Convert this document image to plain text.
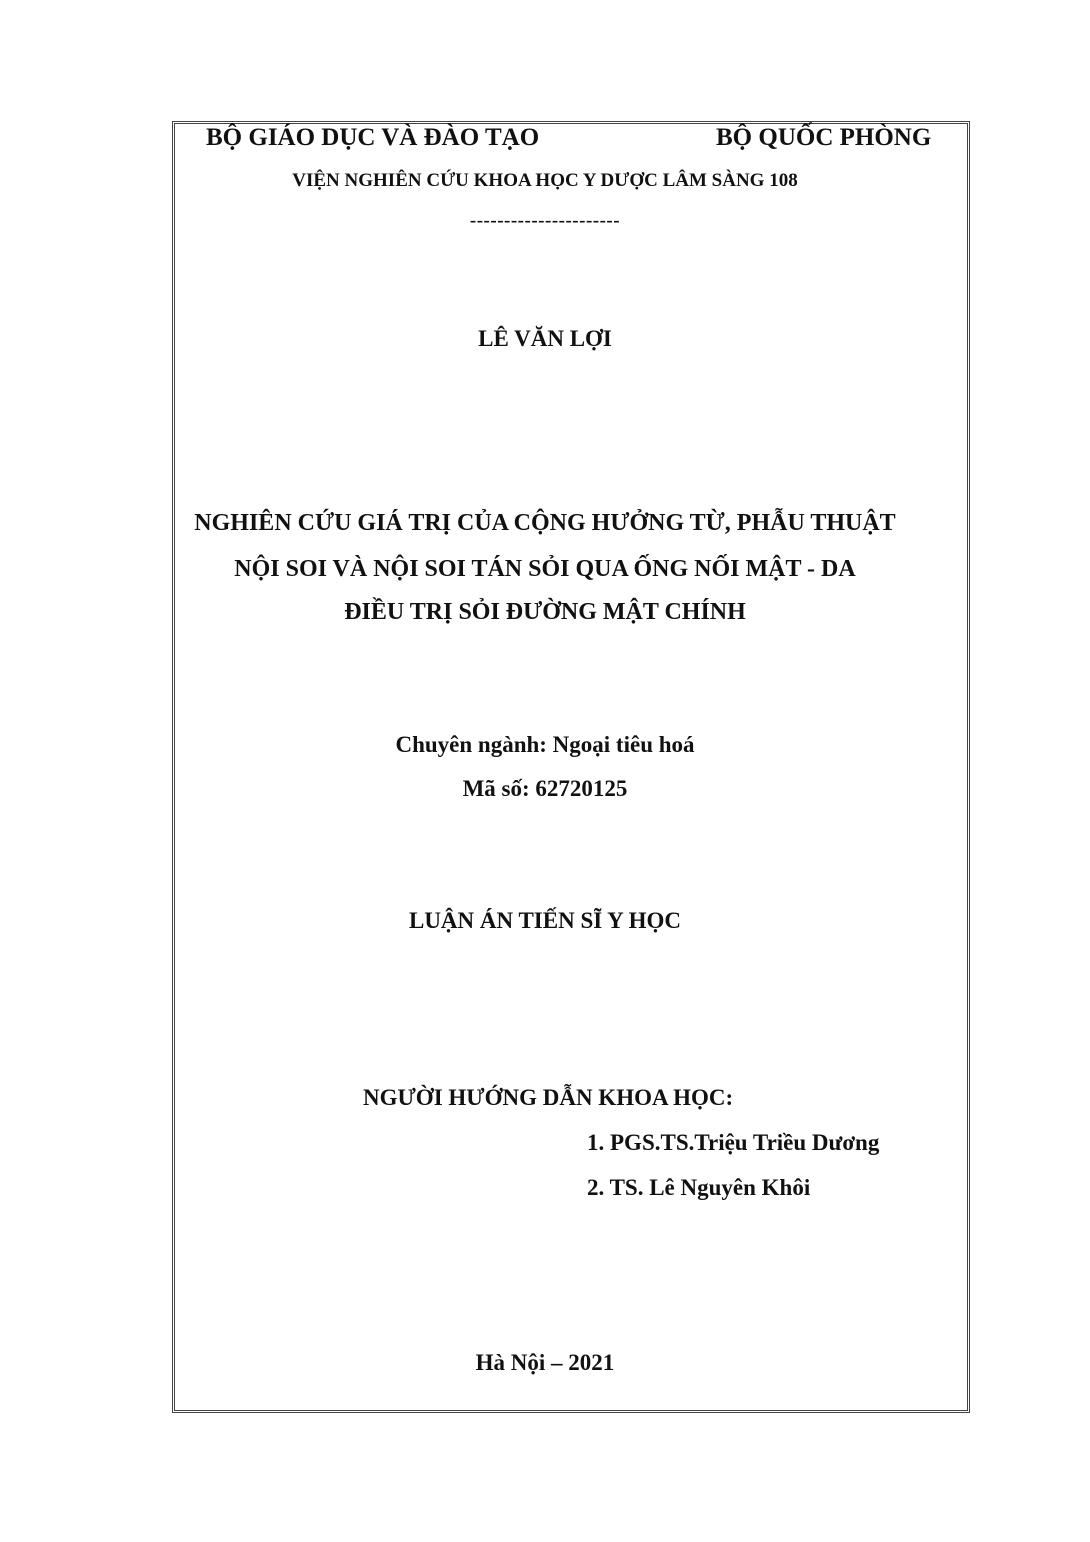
BỘ GIÁO DỤC VÀ ĐÀO TẠO	BỘ QUỐC PHÒNG
VIỆN NGHIÊN CỨU KHOA HỌC Y DƯỢC LÂM SÀNG 108
----------------------
LÊ VĂN LỢI
NGHIÊN CỨU GIÁ TRỊ CỦA CỘNG HƯỞNG TỪ, PHẪU THUẬT
NỘI SOI VÀ NỘI SOI TÁN SỎI QUA ỐNG NỐI MẬT - DA
ĐIỀU TRỊ SỎI ĐƯỜNG MẬT CHÍNH
Chuyên ngành: Ngoại tiêu hoá
Mã số: 62720125
LUẬN ÁN TIẾN SĨ Y HỌC
NGƯỜI HƯỚNG DẪN KHOA HỌC:
1. PGS.TS.Triệu Triều Dương
2. TS. Lê Nguyên Khôi
Hà Nội – 2021
